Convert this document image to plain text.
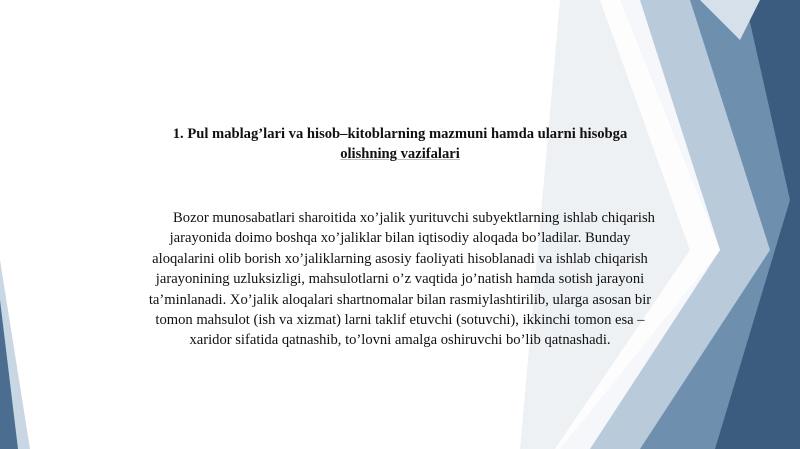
1. Pul mablag’lari va hisob–kitoblarning mazmuni hamda ularni hisobga
olishning vazifalari

Bozor munosabatlari sharoitida xo’jalik yurituvchi subyektlarning ishlab chiqarish
jarayonida doimo boshqa xo’jaliklar bilan iqtisodiy aloqada bo’ladilar. Bunday
aloqalarini olib borish xo’jaliklarning asosiy faoliyati hisoblanadi va ishlab chiqarish
jarayonining uzluksizligi, mahsulotlarni o’z vaqtida jo’natish hamda sotish jarayoni
ta’minlanadi. Xo’jalik aloqalari shartnomalar bilan rasmiylashtirilib, ularga asosan bir
tomon mahsulot (ish va xizmat) larni taklif etuvchi (sotuvchi), ikkinchi tomon esa –
xaridor sifatida qatnashib, to’lovni amalga oshiruvchi bo’lib qatnashadi.
